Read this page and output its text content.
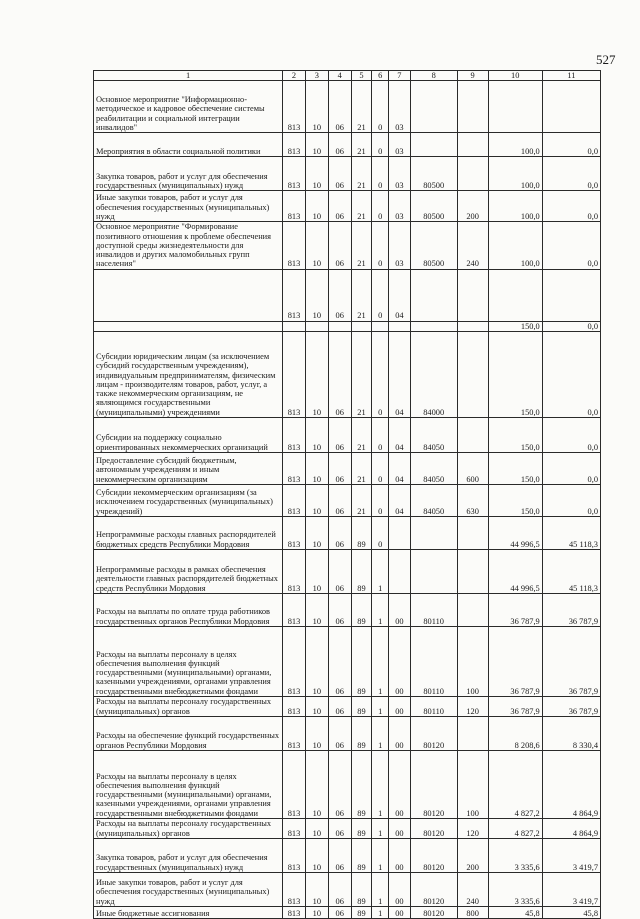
527
1	2	3	4	5	6	7	8	9	10	11
Основное мероприятие "Информационно-методическое и кадровое обеспечение системы реабилитации и социальной интеграции инвалидов"	813	10	06	21	0	03				
Мероприятия в области социальной политики	813	10	06	21	0	03			100,0	0,0
Закупка товаров, работ и услуг для обеспечения государственных (муниципальных) нужд	813	10	06	21	0	03	80500		100,0	0,0
Иные закупки товаров, работ и услуг для обеспечения государственных (муниципальных) нужд	813	10	06	21	0	03	80500	200	100,0	0,0
Основное мероприятие "Формирование позитивного отношения к проблеме обеспечения доступной среды жизнедеятельности для инвалидов и других маломобильных групп населения"	813	10	06	21	0	03	80500	240	100,0	0,0
	813	10	06	21	0	04				
									150,0	0,0
Субсидии юридическим лицам (за исключением субсидий государственным учреждениям), индивидуальным предпринимателям, физическим лицам - производителям товаров, работ, услуг, а также некоммерческим организациям, не являющимся государственными (муниципальными) учреждениями	813	10	06	21	0	04	84000		150,0	0,0
Субсидии на поддержку социально ориентированных некоммерческих организаций	813	10	06	21	0	04	84050		150,0	0,0
Предоставление субсидий бюджетным, автономным учреждениям и иным некоммерческим организациям	813	10	06	21	0	04	84050	600	150,0	0,0
Субсидии некоммерческим организациям (за исключением государственных (муниципальных) учреждений)	813	10	06	21	0	04	84050	630	150,0	0,0
Непрограммные расходы главных распорядителей бюджетных средств Республики Мордовия	813	10	06	89	0				44 996,5	45 118,3
Непрограммные расходы в рамках обеспечения деятельности главных распорядителей бюджетных средств Республики Мордовия	813	10	06	89	1				44 996,5	45 118,3
Расходы на выплаты по оплате труда работников государственных органов Республики Мордовия	813	10	06	89	1	00	80110		36 787,9	36 787,9
Расходы на выплаты персоналу в целях обеспечения выполнения функций государственными (муниципальными) органами, казенными учреждениями, органами управления государственными внебюджетными фондами	813	10	06	89	1	00	80110	100	36 787,9	36 787,9
Расходы на выплаты персоналу государственных (муниципальных) органов	813	10	06	89	1	00	80110	120	36 787,9	36 787,9
Расходы на обеспечение функций государственных органов Республики Мордовия	813	10	06	89	1	00	80120		8 208,6	8 330,4
Расходы на выплаты персоналу в целях обеспечения выполнения функций государственными (муниципальными) органами, казенными учреждениями, органами управления государственными внебюджетными фондами	813	10	06	89	1	00	80120	100	4 827,2	4 864,9
Расходы на выплаты персоналу государственных (муниципальных) органов	813	10	06	89	1	00	80120	120	4 827,2	4 864,9
Закупка товаров, работ и услуг для обеспечения государственных (муниципальных) нужд	813	10	06	89	1	00	80120	200	3 335,6	3 419,7
Иные закупки товаров, работ и услуг для обеспечения государственных (муниципальных) нужд	813	10	06	89	1	00	80120	240	3 335,6	3 419,7
Иные бюджетные ассигнования	813	10	06	89	1	00	80120	800	45,8	45,8
